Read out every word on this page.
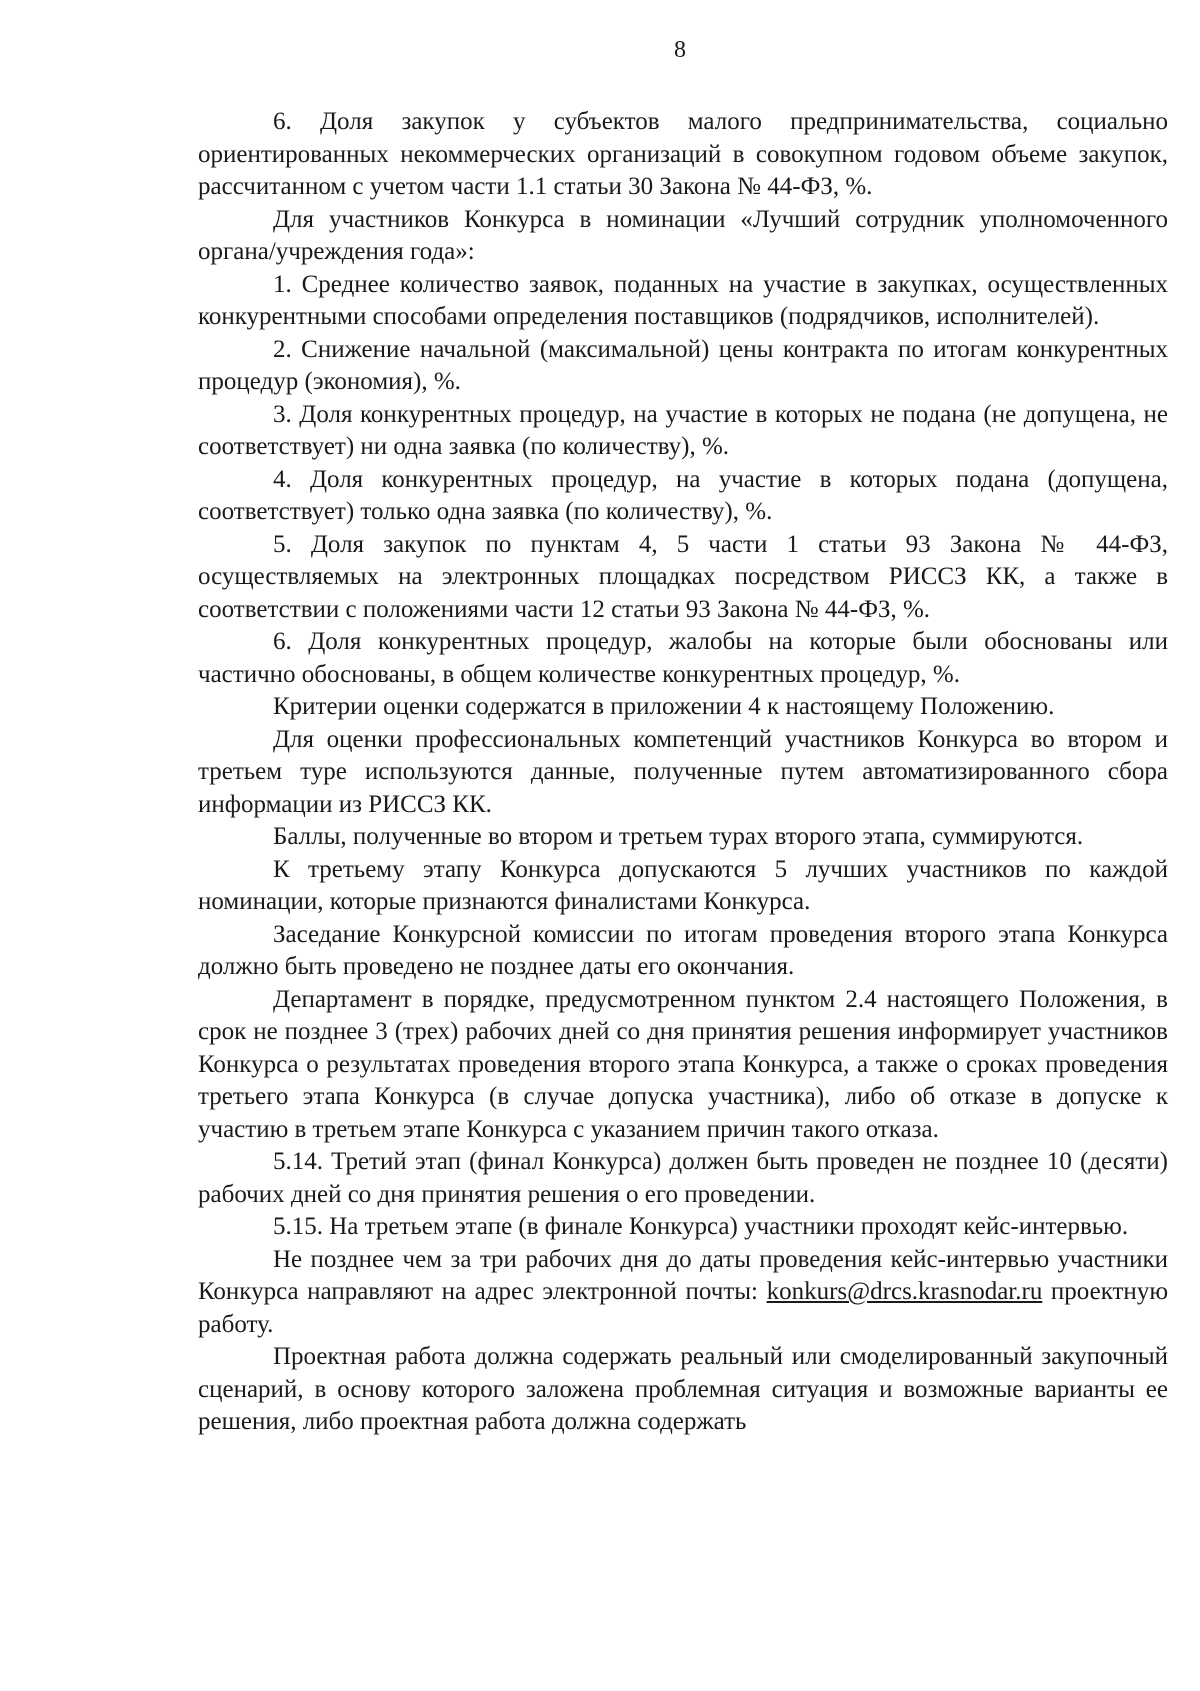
8

6. Доля закупок у субъектов малого предпринимательства, социально ориентированных некоммерческих организаций в совокупном годовом объеме закупок, рассчитанном с учетом части 1.1 статьи 30 Закона № 44-ФЗ, %.

Для участников Конкурса в номинации «Лучший сотрудник уполномоченного органа/учреждения года»:

1. Среднее количество заявок, поданных на участие в закупках, осуществленных конкурентными способами определения поставщиков (подрядчиков, исполнителей).

2. Снижение начальной (максимальной) цены контракта по итогам конкурентных процедур (экономия), %.

3. Доля конкурентных процедур, на участие в которых не подана (не допущена, не соответствует) ни одна заявка (по количеству), %.

4. Доля конкурентных процедур, на участие в которых подана (допущена, соответствует) только одна заявка (по количеству), %.

5. Доля закупок по пунктам 4, 5 части 1 статьи 93 Закона № 44-ФЗ, осуществляемых на электронных площадках посредством РИССЗ КК, а также в соответствии с положениями части 12 статьи 93 Закона № 44-ФЗ, %.

6. Доля конкурентных процедур, жалобы на которые были обоснованы или частично обоснованы, в общем количестве конкурентных процедур, %.

Критерии оценки содержатся в приложении 4 к настоящему Положению.

Для оценки профессиональных компетенций участников Конкурса во втором и третьем туре используются данные, полученные путем автоматизированного сбора информации из РИССЗ КК.

Баллы, полученные во втором и третьем турах второго этапа, суммируются.

К третьему этапу Конкурса допускаются 5 лучших участников по каждой номинации, которые признаются финалистами Конкурса.

Заседание Конкурсной комиссии по итогам проведения второго этапа Конкурса должно быть проведено не позднее даты его окончания.

Департамент в порядке, предусмотренном пунктом 2.4 настоящего Положения, в срок не позднее 3 (трех) рабочих дней со дня принятия решения информирует участников Конкурса о результатах проведения второго этапа Конкурса, а также о сроках проведения третьего этапа Конкурса (в случае допуска участника), либо об отказе в допуске к участию в третьем этапе Конкурса с указанием причин такого отказа.

5.14. Третий этап (финал Конкурса) должен быть проведен не позднее 10 (десяти) рабочих дней со дня принятия решения о его проведении.

5.15. На третьем этапе (в финале Конкурса) участники проходят кейс-интервью.

Не позднее чем за три рабочих дня до даты проведения кейс-интервью участники Конкурса направляют на адрес электронной почты: konkurs@drcs.krasnodar.ru проектную работу.

Проектная работа должна содержать реальный или смоделированный закупочный сценарий, в основу которого заложена проблемная ситуация и возможные варианты ее решения, либо проектная работа должна содержать
